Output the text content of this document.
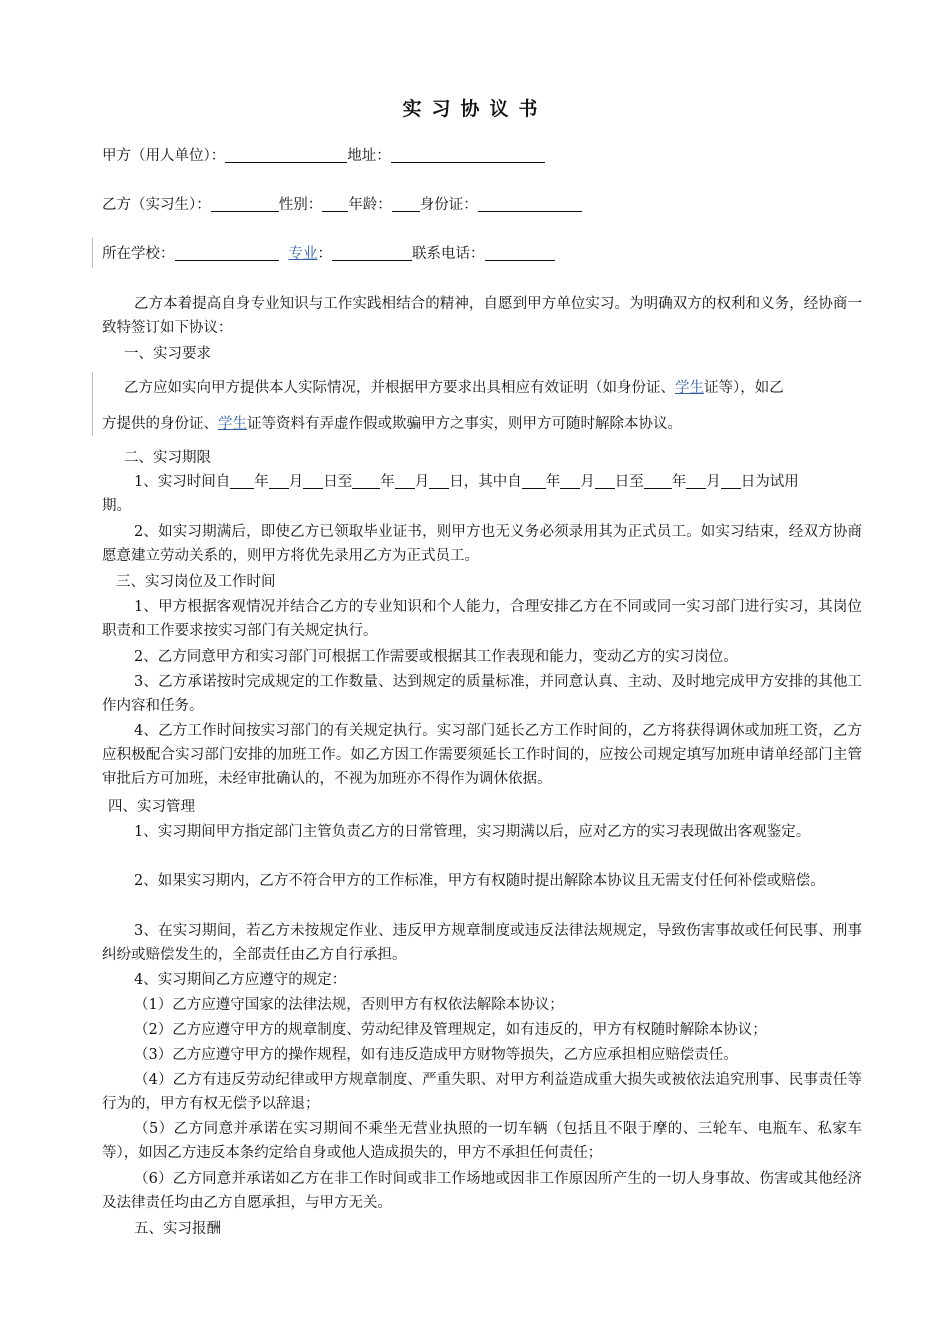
实习协议书
甲方（用人单位）：	地址：
乙方（实习生）：	性别： 年龄： 身份证：
所在学校：	专业：	联系电话：
乙方本着提高自身专业知识与工作实践相结合的精神，自愿到甲方单位实习。为明确双方的权利和义务，经协商一致特签订如下协议：
一、实习要求
乙方应如实向甲方提供本人实际情况，并根据甲方要求出具相应有效证明（如身份证、学生证等），如乙
方提供的身份证、学生证等资料有弄虚作假或欺骗甲方之事实，则甲方可随时解除本协议。
二、实习期限
1、实习时间自 年 月 日至 年 月 日，其中自 年 月 日至 年 月 日为试用
期。
2、如实习期满后，即使乙方已领取毕业证书，则甲方也无义务必须录用其为正式员工。如实习结束，经双方协商愿意建立劳动关系的，则甲方将优先录用乙方为正式员工。
三、实习岗位及工作时间
1、甲方根据客观情况并结合乙方的专业知识和个人能力，合理安排乙方在不同或同一实习部门进行实习，其岗位职责和工作要求按实习部门有关规定执行。
2、乙方同意甲方和实习部门可根据工作需要或根据其工作表现和能力，变动乙方的实习岗位。
3、乙方承诺按时完成规定的工作数量、达到规定的质量标准，并同意认真、主动、及时地完成甲方安排的其他工作内容和任务。
4、乙方工作时间按实习部门的有关规定执行。实习部门延长乙方工作时间的，乙方将获得调休或加班工资，乙方应积极配合实习部门安排的加班工作。如乙方因工作需要须延长工作时间的，应按公司规定填写加班申请单经部门主管审批后方可加班，未经审批确认的，不视为加班亦不得作为调休依据。
四、实习管理
1、实习期间甲方指定部门主管负责乙方的日常管理，实习期满以后，应对乙方的实习表现做出客观鉴定。
2、如果实习期内，乙方不符合甲方的工作标准，甲方有权随时提出解除本协议且无需支付任何补偿或赔偿。
3、在实习期间，若乙方未按规定作业、违反甲方规章制度或违反法律法规规定，导致伤害事故或任何民事、刑事纠纷或赔偿发生的，全部责任由乙方自行承担。
4、实习期间乙方应遵守的规定：
（1）乙方应遵守国家的法律法规，否则甲方有权依法解除本协议；
（2）乙方应遵守甲方的规章制度、劳动纪律及管理规定，如有违反的，甲方有权随时解除本协议；
（3）乙方应遵守甲方的操作规程，如有违反造成甲方财物等损失，乙方应承担相应赔偿责任。
（4）乙方有违反劳动纪律或甲方规章制度、严重失职、对甲方利益造成重大损失或被依法追究刑事、民事责任等行为的，甲方有权无偿予以辞退；
（5）乙方同意并承诺在实习期间不乘坐无营业执照的一切车辆（包括且不限于摩的、三轮车、电瓶车、私家车等），如因乙方违反本条约定给自身或他人造成损失的，甲方不承担任何责任；
（6）乙方同意并承诺如乙方在非工作时间或非工作场地或因非工作原因所产生的一切人身事故、伤害或其他经济及法律责任均由乙方自愿承担，与甲方无关。
五、实习报酬
